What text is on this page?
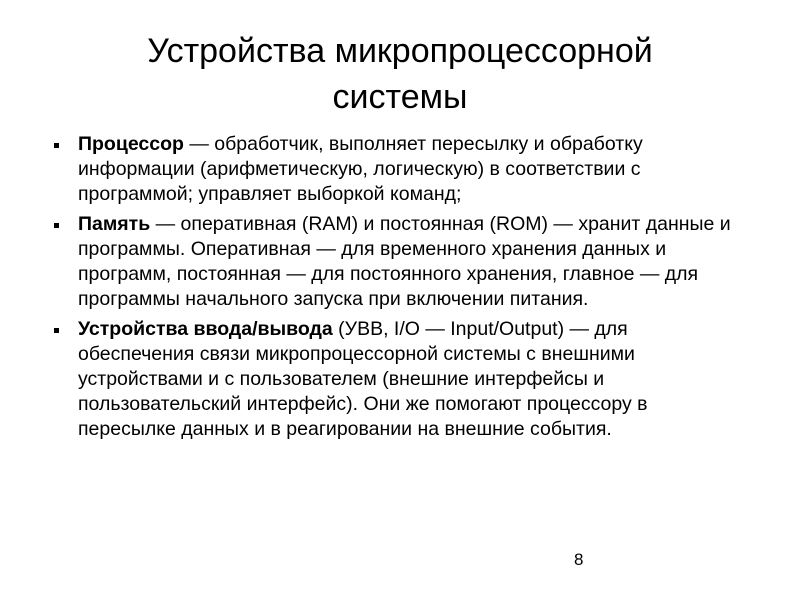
Устройства микропроцессорной
системы
Процессор — обработчик, выполняет пересылку и обработку информации (арифметическую, логическую) в соответствии с программой; управляет выборкой команд;
Память — оперативная (RAM) и постоянная (ROM) — хранит данные и программы. Оперативная — для временного хранения данных и программ, постоянная — для постоянного хранения, главное — для программы начального запуска при включении питания.
Устройства ввода/вывода (УВВ, I/O — Input/Output) — для обеспечения связи микропроцессорной системы с внешними устройствами и с пользователем (внешние интерфейсы и пользовательский интерфейс). Они же помогают процессору в пересылке данных и в реагировании на внешние события.
8
